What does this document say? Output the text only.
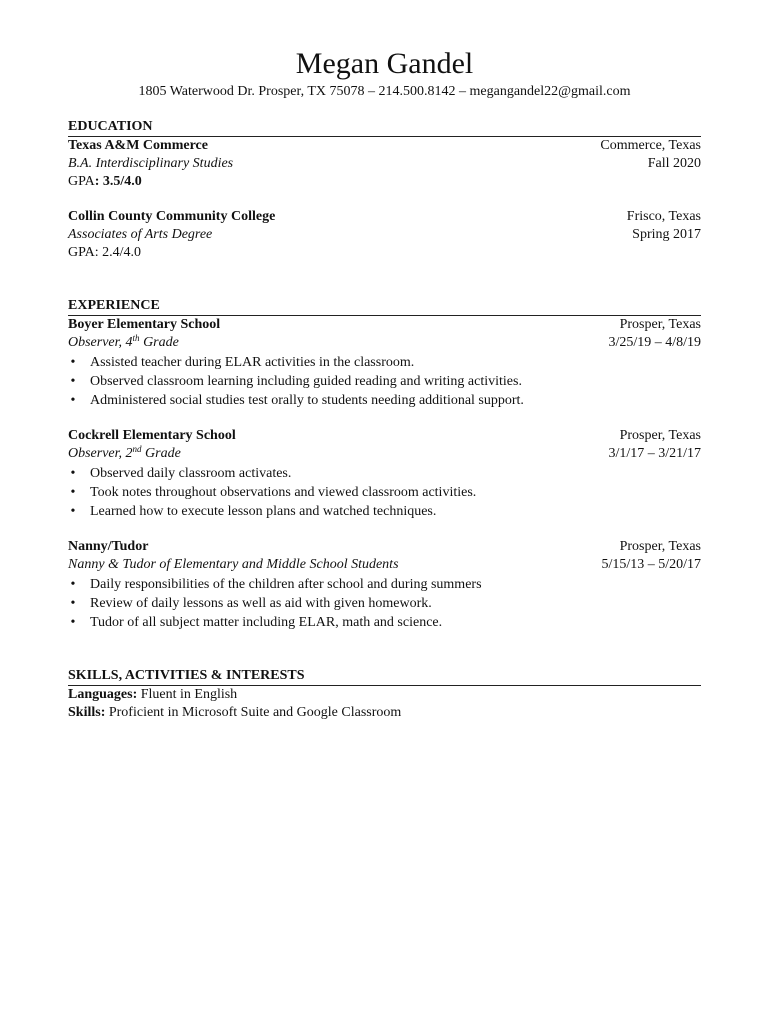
Megan Gandel
1805 Waterwood Dr. Prosper, TX 75078 – 214.500.8142 – megangandel22@gmail.com
EDUCATION
Texas A&M Commerce	Commerce, Texas
B.A. Interdisciplinary Studies	Fall 2020
GPA: 3.5/4.0
Collin County Community College	Frisco, Texas
Associates of Arts Degree	Spring 2017
GPA: 2.4/4.0
EXPERIENCE
Boyer Elementary School	Prosper, Texas
Observer, 4th Grade	3/25/19 – 4/8/19
• Assisted teacher during ELAR activities in the classroom.
• Observed classroom learning including guided reading and writing activities.
• Administered social studies test orally to students needing additional support.
Cockrell Elementary School	Prosper, Texas
Observer, 2nd Grade	3/1/17 – 3/21/17
• Observed daily classroom activates.
• Took notes throughout observations and viewed classroom activities.
• Learned how to execute lesson plans and watched techniques.
Nanny/Tudor	Prosper, Texas
Nanny & Tudor of Elementary and Middle School Students	5/15/13 – 5/20/17
• Daily responsibilities of the children after school and during summers
• Review of daily lessons as well as aid with given homework.
• Tudor of all subject matter including ELAR, math and science.
SKILLS, ACTIVITIES & INTERESTS
Languages: Fluent in English
Skills: Proficient in Microsoft Suite and Google Classroom
